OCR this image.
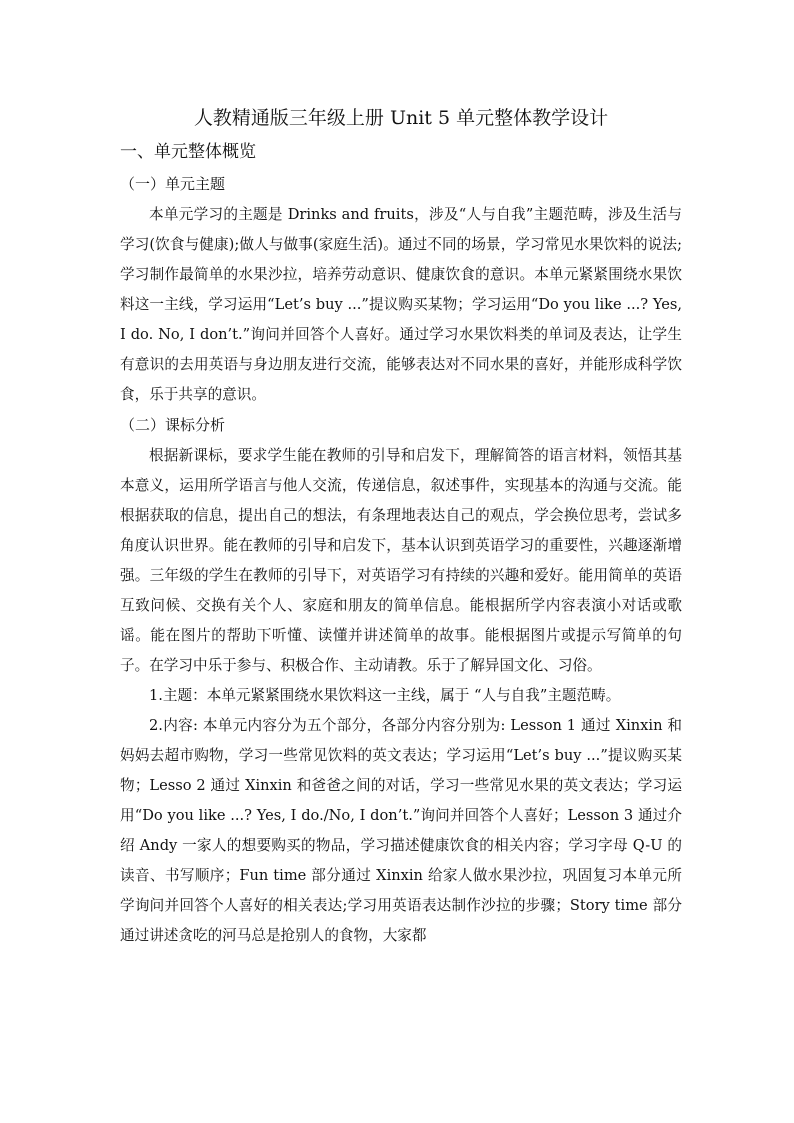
人教精通版三年级上册 Unit 5 单元整体教学设计
一、单元整体概览
（一）单元主题

本单元学习的主题是 Drinks and fruits，涉及“人与自我”主题范畴，涉及生活与学习(饮食与健康);做人与做事(家庭生活)。通过不同的场景，学习常见水果饮料的说法;学习制作最简单的水果沙拉，培养劳动意识、健康饮食的意识。本单元紧紧围绕水果饮料这一主线，学习运用“Let’s buy ...”提议购买某物；学习运用“Do you like ...? Yes, I do. No, I don’t.”询问并回答个人喜好。通过学习水果饮料类的单词及表达，让学生有意识的去用英语与身边朋友进行交流，能够表达对不同水果的喜好，并能形成科学饮食，乐于共享的意识。

（二）课标分析

根据新课标，要求学生能在教师的引导和启发下，理解简答的语言材料，领悟其基本意义，运用所学语言与他人交流，传递信息，叙述事件，实现基本的沟通与交流。能根据获取的信息，提出自己的想法，有条理地表达自己的观点，学会换位思考，尝试多角度认识世界。能在教师的引导和启发下，基本认识到英语学习的重要性，兴趣逐渐增强。三年级的学生在教师的引导下，对英语学习有持续的兴趣和爱好。能用简单的英语互致问候、交换有关个人、家庭和朋友的简单信息。能根据所学内容表演小对话或歌谣。能在图片的帮助下听懂、读懂并讲述简单的故事。能根据图片或提示写简单的句子。在学习中乐于参与、积极合作、主动请教。乐于了解异国文化、习俗。

1.主题：本单元紧紧围绕水果饮料这一主线，属于 “人与自我”主题范畴。

2.内容: 本单元内容分为五个部分，各部分内容分别为: Lesson 1 通过 Xinxin 和妈妈去超市购物，学习一些常见饮料的英文表达；学习运用“Let’s buy ...”提议购买某物；Lesso 2 通过 Xinxin 和爸爸之间的对话，学习一些常见水果的英文表达；学习运用“Do you like ...? Yes, I do./No, I don’t.”询问并回答个人喜好；Lesson 3 通过介绍 Andy 一家人的想要购买的物品，学习描述健康饮食的相关内容；学习字母 Q-U 的读音、书写顺序；Fun time 部分通过 Xinxin 给家人做水果沙拉，巩固复习本单元所学询问并回答个人喜好的相关表达;学习用英语表达制作沙拉的步骤；Story time 部分通过讲述贪吃的河马总是抢别人的食物，大家都
